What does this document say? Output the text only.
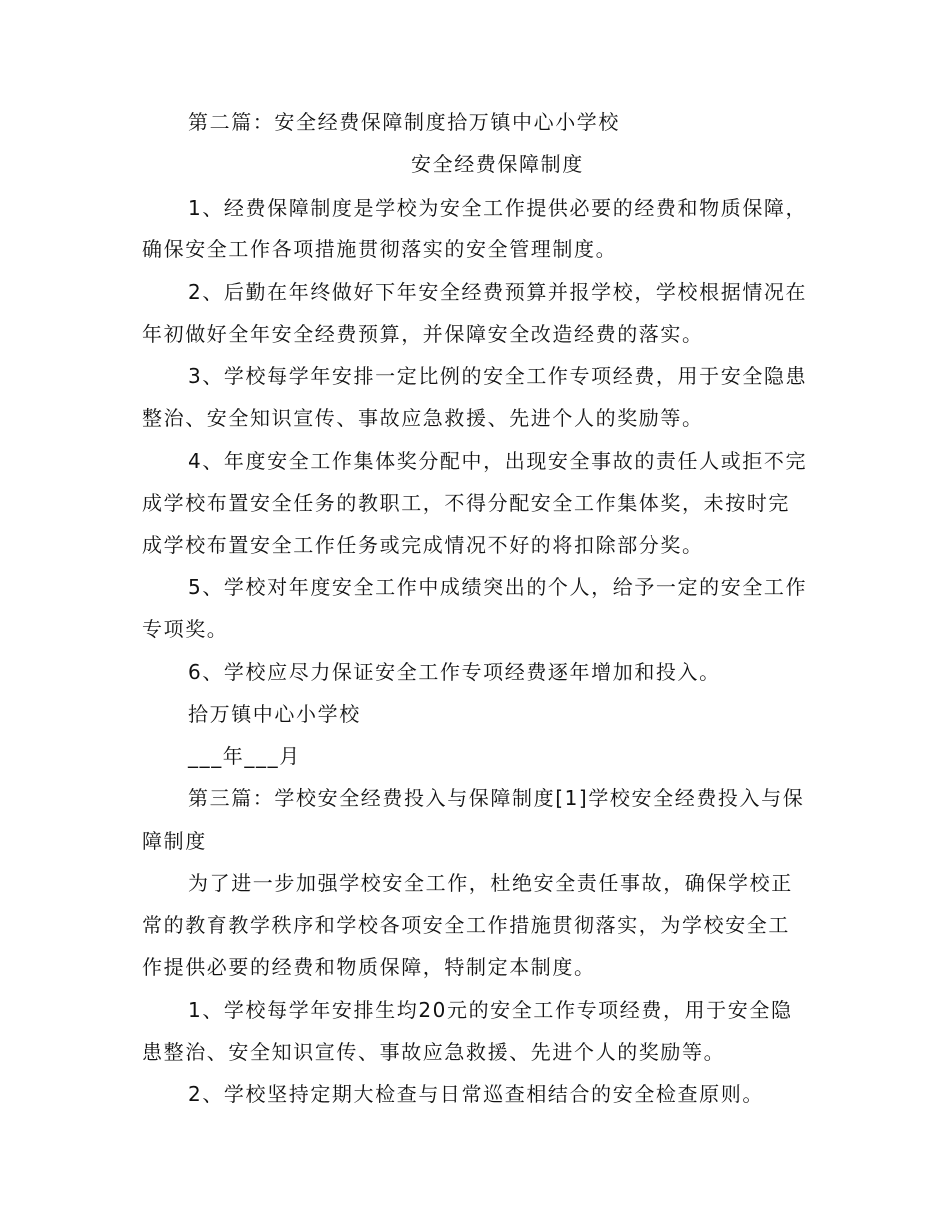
第二篇：安全经费保障制度拾万镇中心小学校
安全经费保障制度
1、经费保障制度是学校为安全工作提供必要的经费和物质保障，
确保安全工作各项措施贯彻落实的安全管理制度。
2、后勤在年终做好下年安全经费预算并报学校，学校根据情况在
年初做好全年安全经费预算，并保障安全改造经费的落实。
3、学校每学年安排一定比例的安全工作专项经费，用于安全隐患
整治、安全知识宣传、事故应急救援、先进个人的奖励等。
4、年度安全工作集体奖分配中，出现安全事故的责任人或拒不完
成学校布置安全任务的教职工，不得分配安全工作集体奖，未按时完
成学校布置安全工作任务或完成情况不好的将扣除部分奖。
5、学校对年度安全工作中成绩突出的个人，给予一定的安全工作
专项奖。
6、学校应尽力保证安全工作专项经费逐年增加和投入。
拾万镇中心小学校
___年___月
第三篇：学校安全经费投入与保障制度[1]学校安全经费投入与保
障制度
为了进一步加强学校安全工作，杜绝安全责任事故，确保学校正
常的教育教学秩序和学校各项安全工作措施贯彻落实，为学校安全工
作提供必要的经费和物质保障，特制定本制度。
1、学校每学年安排生均20元的安全工作专项经费，用于安全隐
患整治、安全知识宣传、事故应急救援、先进个人的奖励等。
2、学校坚持定期大检查与日常巡查相结合的安全检查原则。
